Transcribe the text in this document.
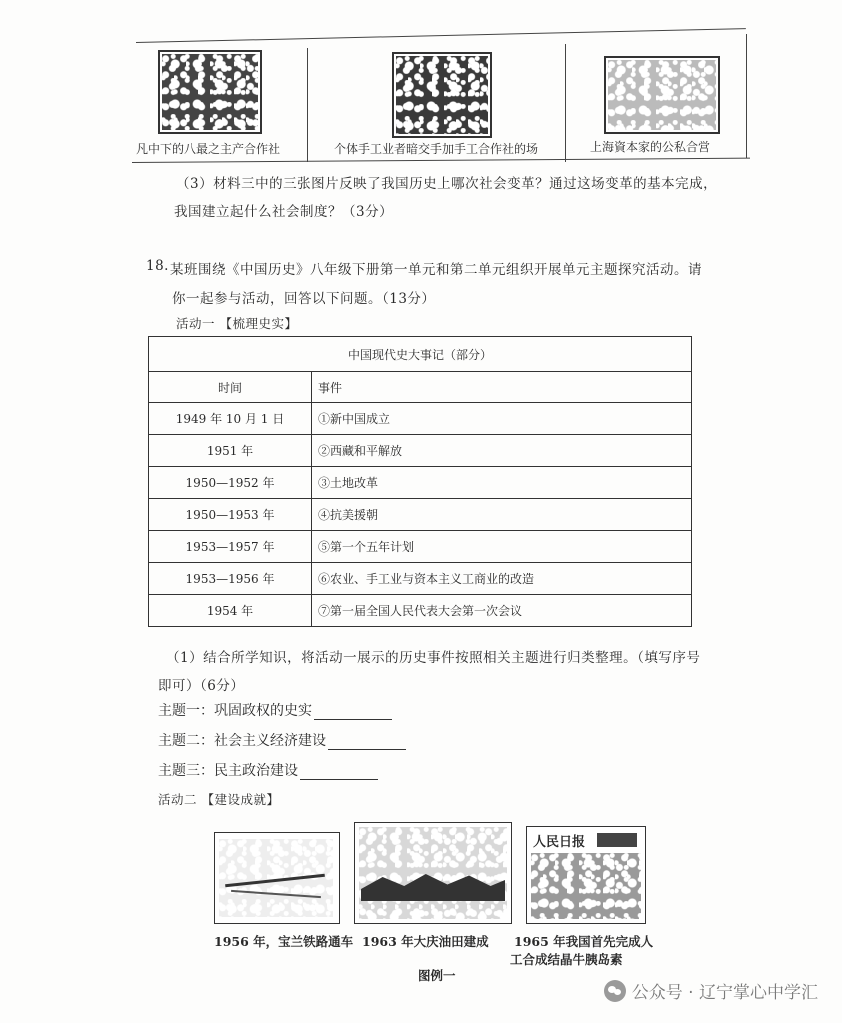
凡中下的八最之主产合作社	个体手工业者暗交手加手工合作社的场	上海資本家的公私合営
（3）材料三中的三张图片反映了我国历史上哪次社会变革？通过这场变革的基本完成，
我国建立起什么社会制度？（3分）
18. 某班围绕《中国历史》八年级下册第一单元和第二单元组织开展单元主题探究活动。请
你一起参与活动，回答以下问题。（13分）
活动一 【梳理史实】
中国现代史大事记（部分）	
时间	事件
1949 年 10 月 1 日	①新中国成立
1951 年	②西藏和平解放
1950—1952 年	③土地改革
1950—1953 年	④抗美援朝
1953—1957 年	⑤第一个五年计划
1953—1956 年	⑥农业、手工业与资本主义工商业的改造
1954 年	⑦第一届全国人民代表大会第一次会议
（1）结合所学知识，将活动一展示的历史事件按照相关主题进行归类整理。（填写序号
即可）（6分）
主题一：巩固政权的史实
主题二：社会主义经济建设
主题三：民主政治建设
活动二 【建设成就】
1956 年，宝兰铁路通车 1963 年大庆油田建成
人民日报
1965 年我国首先完成人
工合成结晶牛胰岛素
图例一
公众号 · 辽宁掌心中学汇
